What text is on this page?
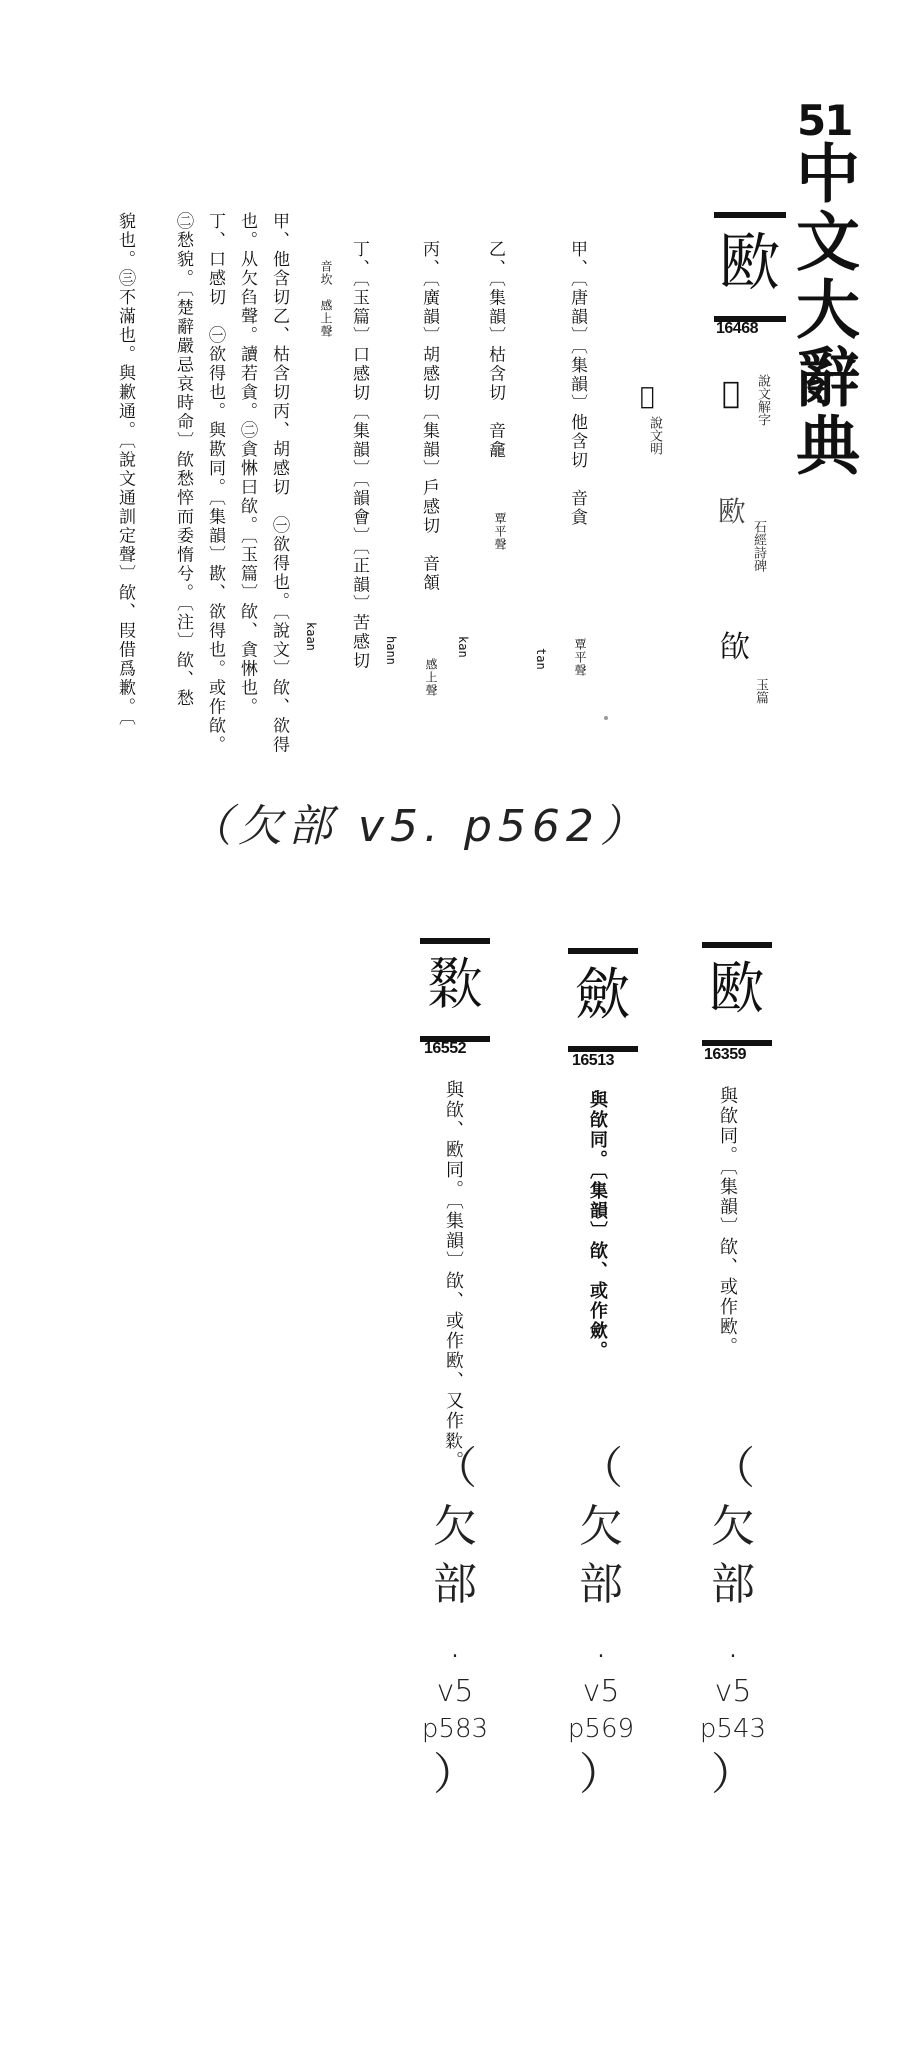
51
中文大辭典
㰼
16468
𣢵 說文解字
㰼
石經詩碑
欿
玉篇
𣢵
說文明
甲、〔唐韻〕〔集韻〕他含切　音貪
覃平聲
tan
乙、〔集韻〕枯含切　音龕
覃平聲
kan
丙、〔廣韻〕胡感切〔集韻〕戶感切　音頷
感上聲
hann
丁、〔玉篇〕口感切〔集韻〕〔韻會〕〔正韻〕苦感切
音坎　感上聲
kaan
甲、他含切乙、枯含切丙、胡感切　㊀欲得也。〔說文〕欿、欲得
也。从欠臽聲。讀若貪。㊁貪惏曰欿。〔玉篇〕欿、貪惏也。
丁、口感切　㊀欲得也。與歁同。〔集韻〕歁、欲得也。或作欿。
㊁愁貌。〔楚辭嚴忌哀時命〕欿愁悴而委惰兮。〔注〕欿、愁
貌也。㊂不滿也。與歉通。〔說文通訓定聲〕欿、叚借爲歉。〔
（欠部 v5. p562）
𣤜
16552
與欿、㰼同。〔集韻〕欿、或作㰼、又作𣤜。
歛
16513
與欿同。〔集韻〕欿、或作歛。
㰼
16359
與欿同。〔集韻〕欿、或作㰼。
（
欠
部
.
v5
p583
）
（
欠
部
.
v5
p569
）
（
欠
部
.
v5
p543
）
